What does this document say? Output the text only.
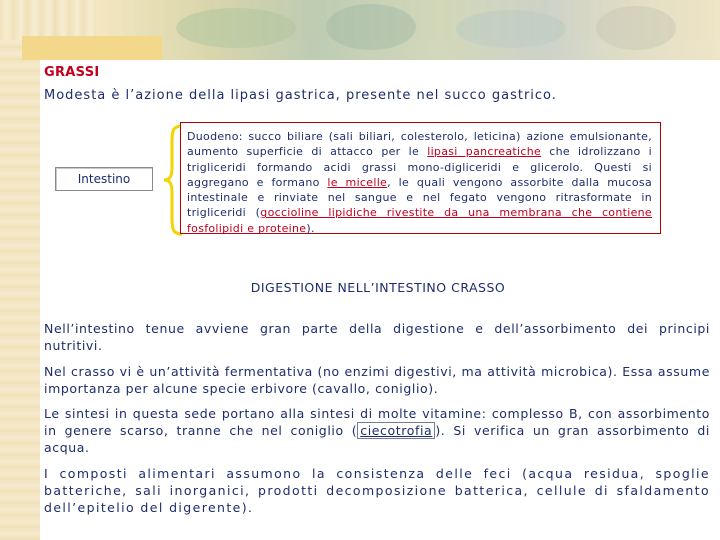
GRASSI
Modesta è l’azione della lipasi gastrica, presente nel succo gastrico.
Intestino
Duodeno: succo biliare (sali biliari, colesterolo, leticina) azione emulsionante, aumento superficie di attacco per le lipasi pancreatiche che idrolizzano i trigliceridi formando acidi grassi mono-digliceridi e glicerolo. Questi si aggregano e formano le micelle, le quali vengono assorbite dalla mucosa intestinale e rinviate nel sangue e nel fegato vengono ritrasformate in trigliceridi (goccioline lipidiche rivestite da una membrana che contiene fosfolipidi e proteine).
DIGESTIONE NELL’INTESTINO CRASSO
Nell’intestino tenue avviene gran parte della digestione e dell’assorbimento dei principi nutritivi.
Nel crasso vi è un’attività fermentativa (no enzimi digestivi, ma attività microbica). Essa assume importanza per alcune specie erbivore (cavallo, coniglio).
Le sintesi in questa sede portano alla sintesi di molte vitamine: complesso B, con assorbimento in genere scarso, tranne che nel coniglio ( ciecotrofia ). Si verifica un gran assorbimento di acqua.
I composti alimentari assumono la consistenza delle feci (acqua residua, spoglie batteriche, sali inorganici, prodotti decomposizione batterica, cellule di sfaldamento dell’epitelio del digerente).
